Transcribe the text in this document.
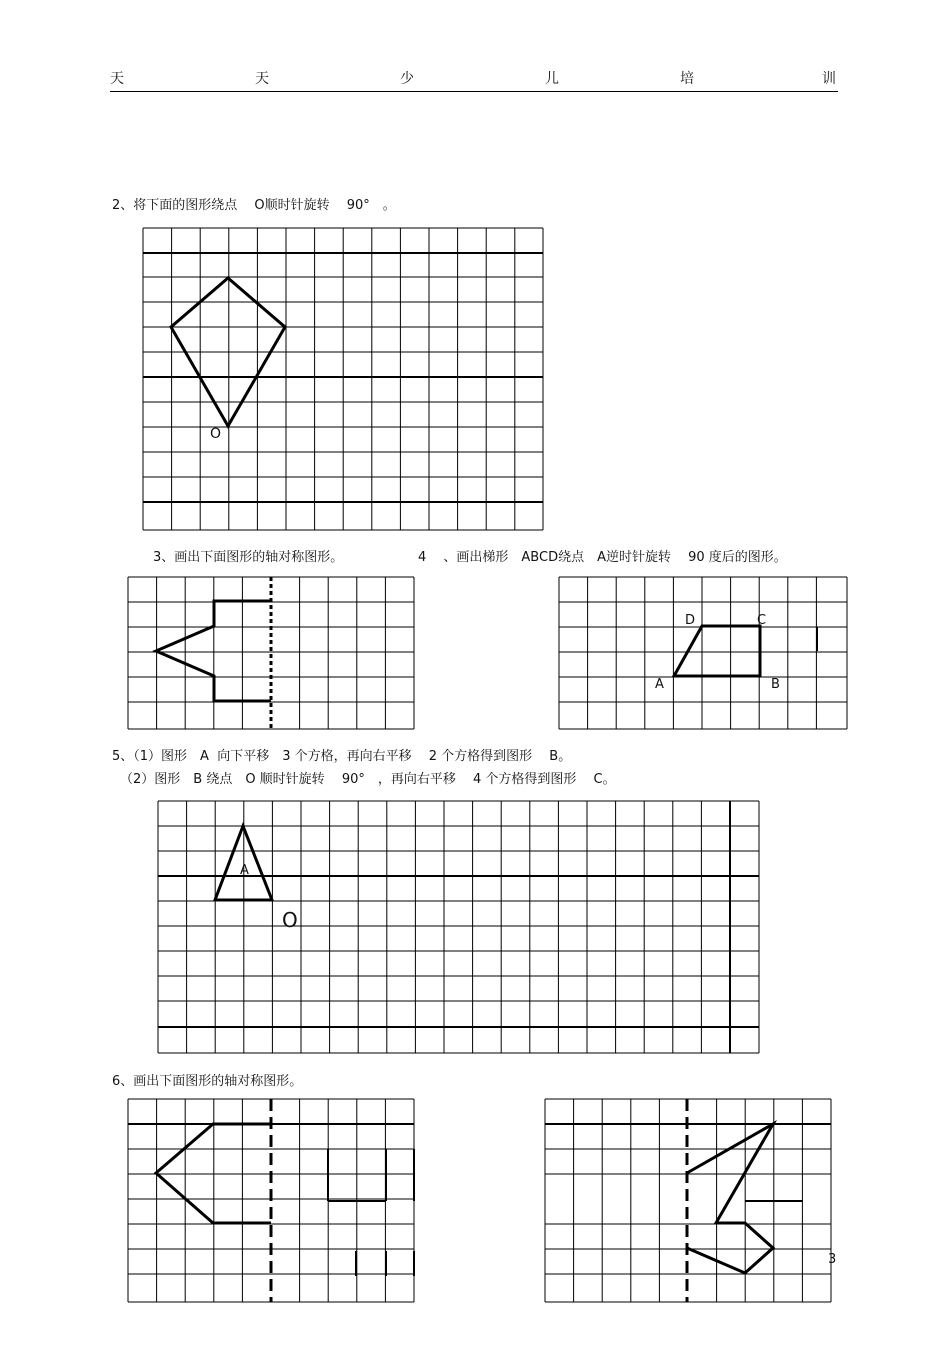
天	天	少	儿	培	训
2、将下面的图形绕点　 O顺时针旋转　 90°　。
O
3、画出下面图形的轴对称图形。	4　 、画出梯形　ABCD绕点　A逆时针旋转　 90 度后的图形。
D	C
A	B
5、（1）图形　A  向下平移　3 个方格，再向右平移　 2 个方格得到图形　 B。
（2）图形　B 绕点　O 顺时针旋转　 90°　，再向右平移　 4 个方格得到图形　 C。
A
O
6、画出下面图形的轴对称图形。
3
